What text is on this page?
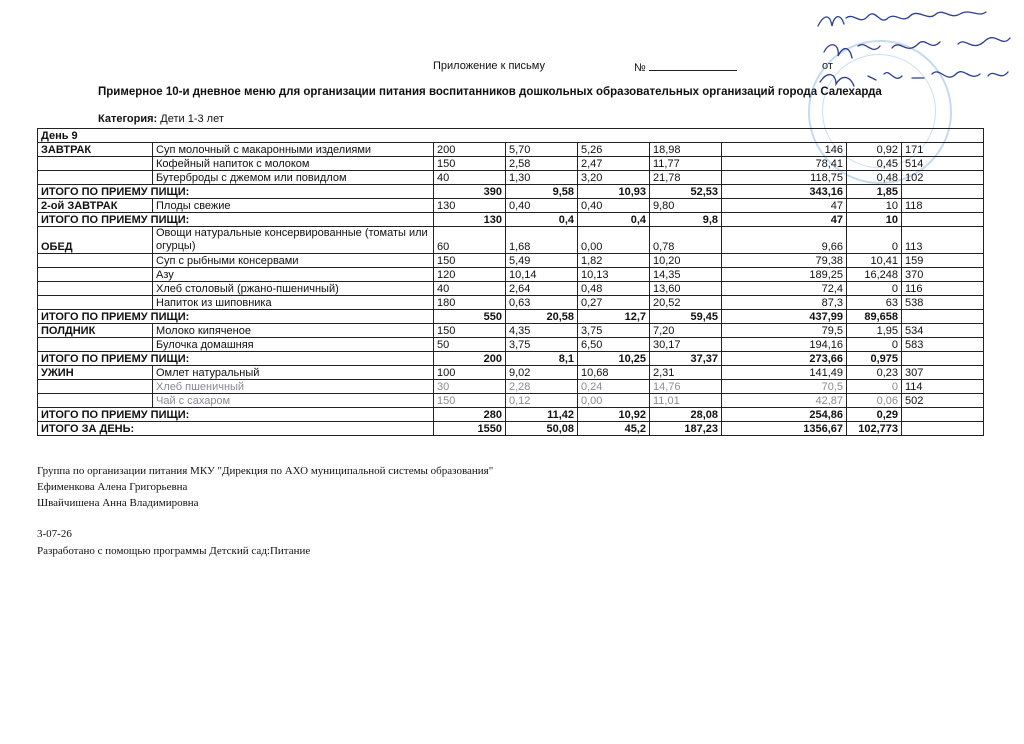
Приложение к письму	№	от
Примерное 10-и дневное меню для организации питания воспитанников дошкольных образовательных организаций города Салехарда
Категория: Дети 1-3 лет
День 9								
ЗАВТРАК	Суп молочный с макаронными изделиями	200	5,70	5,26	18,98	146	0,92	171
	Кофейный напиток с молоком	150	2,58	2,47	11,77	78,41	0,45	514
	Бутерброды с джемом или повидлом	40	1,30	3,20	21,78	118,75	0,48	102
ИТОГО ПО ПРИЕМУ ПИЩИ:		390	9,58	10,93	52,53	343,16	1,85	
2-ой ЗАВТРАК	Плоды свежие	130	0,40	0,40	9,80	47	10	118
ИТОГО ПО ПРИЕМУ ПИЩИ:		130	0,4	0,4	9,8	47	10	
ОБЕД	Овощи натуральные консервированные (томаты или огурцы)	60	1,68	0,00	0,78	9,66	0	113
	Суп с рыбными консервами	150	5,49	1,82	10,20	79,38	10,41	159
	Азу	120	10,14	10,13	14,35	189,25	16,248	370
	Хлеб столовый (ржано-пшеничный)	40	2,64	0,48	13,60	72,4	0	116
	Напиток из шиповника	180	0,63	0,27	20,52	87,3	63	538
ИТОГО ПО ПРИЕМУ ПИЩИ:		550	20,58	12,7	59,45	437,99	89,658	
ПОЛДНИК	Молоко кипяченое	150	4,35	3,75	7,20	79,5	1,95	534
	Булочка домашняя	50	3,75	6,50	30,17	194,16	0	583
ИТОГО ПО ПРИЕМУ ПИЩИ:		200	8,1	10,25	37,37	273,66	0,975	
УЖИН	Омлет натуральный	100	9,02	10,68	2,31	141,49	0,23	307
	Хлеб пшеничный	30	2,28	0,24	14,76	70,5	0	114
	Чай с сахаром	150	0,12	0,00	11,01	42,87	0,06	502
ИТОГО ПО ПРИЕМУ ПИЩИ:		280	11,42	10,92	28,08	254,86	0,29	
ИТОГО ЗА ДЕНЬ:		1550	50,08	45,2	187,23	1356,67	102,773	
Группа по организации питания МКУ "Дирекция по АХО муниципальной системы образования"
Ефименкова Алена Григорьевна
Швайчишена Анна Владимировна
3-07-26
Разработано с помощью программы Детский сад:Питание
